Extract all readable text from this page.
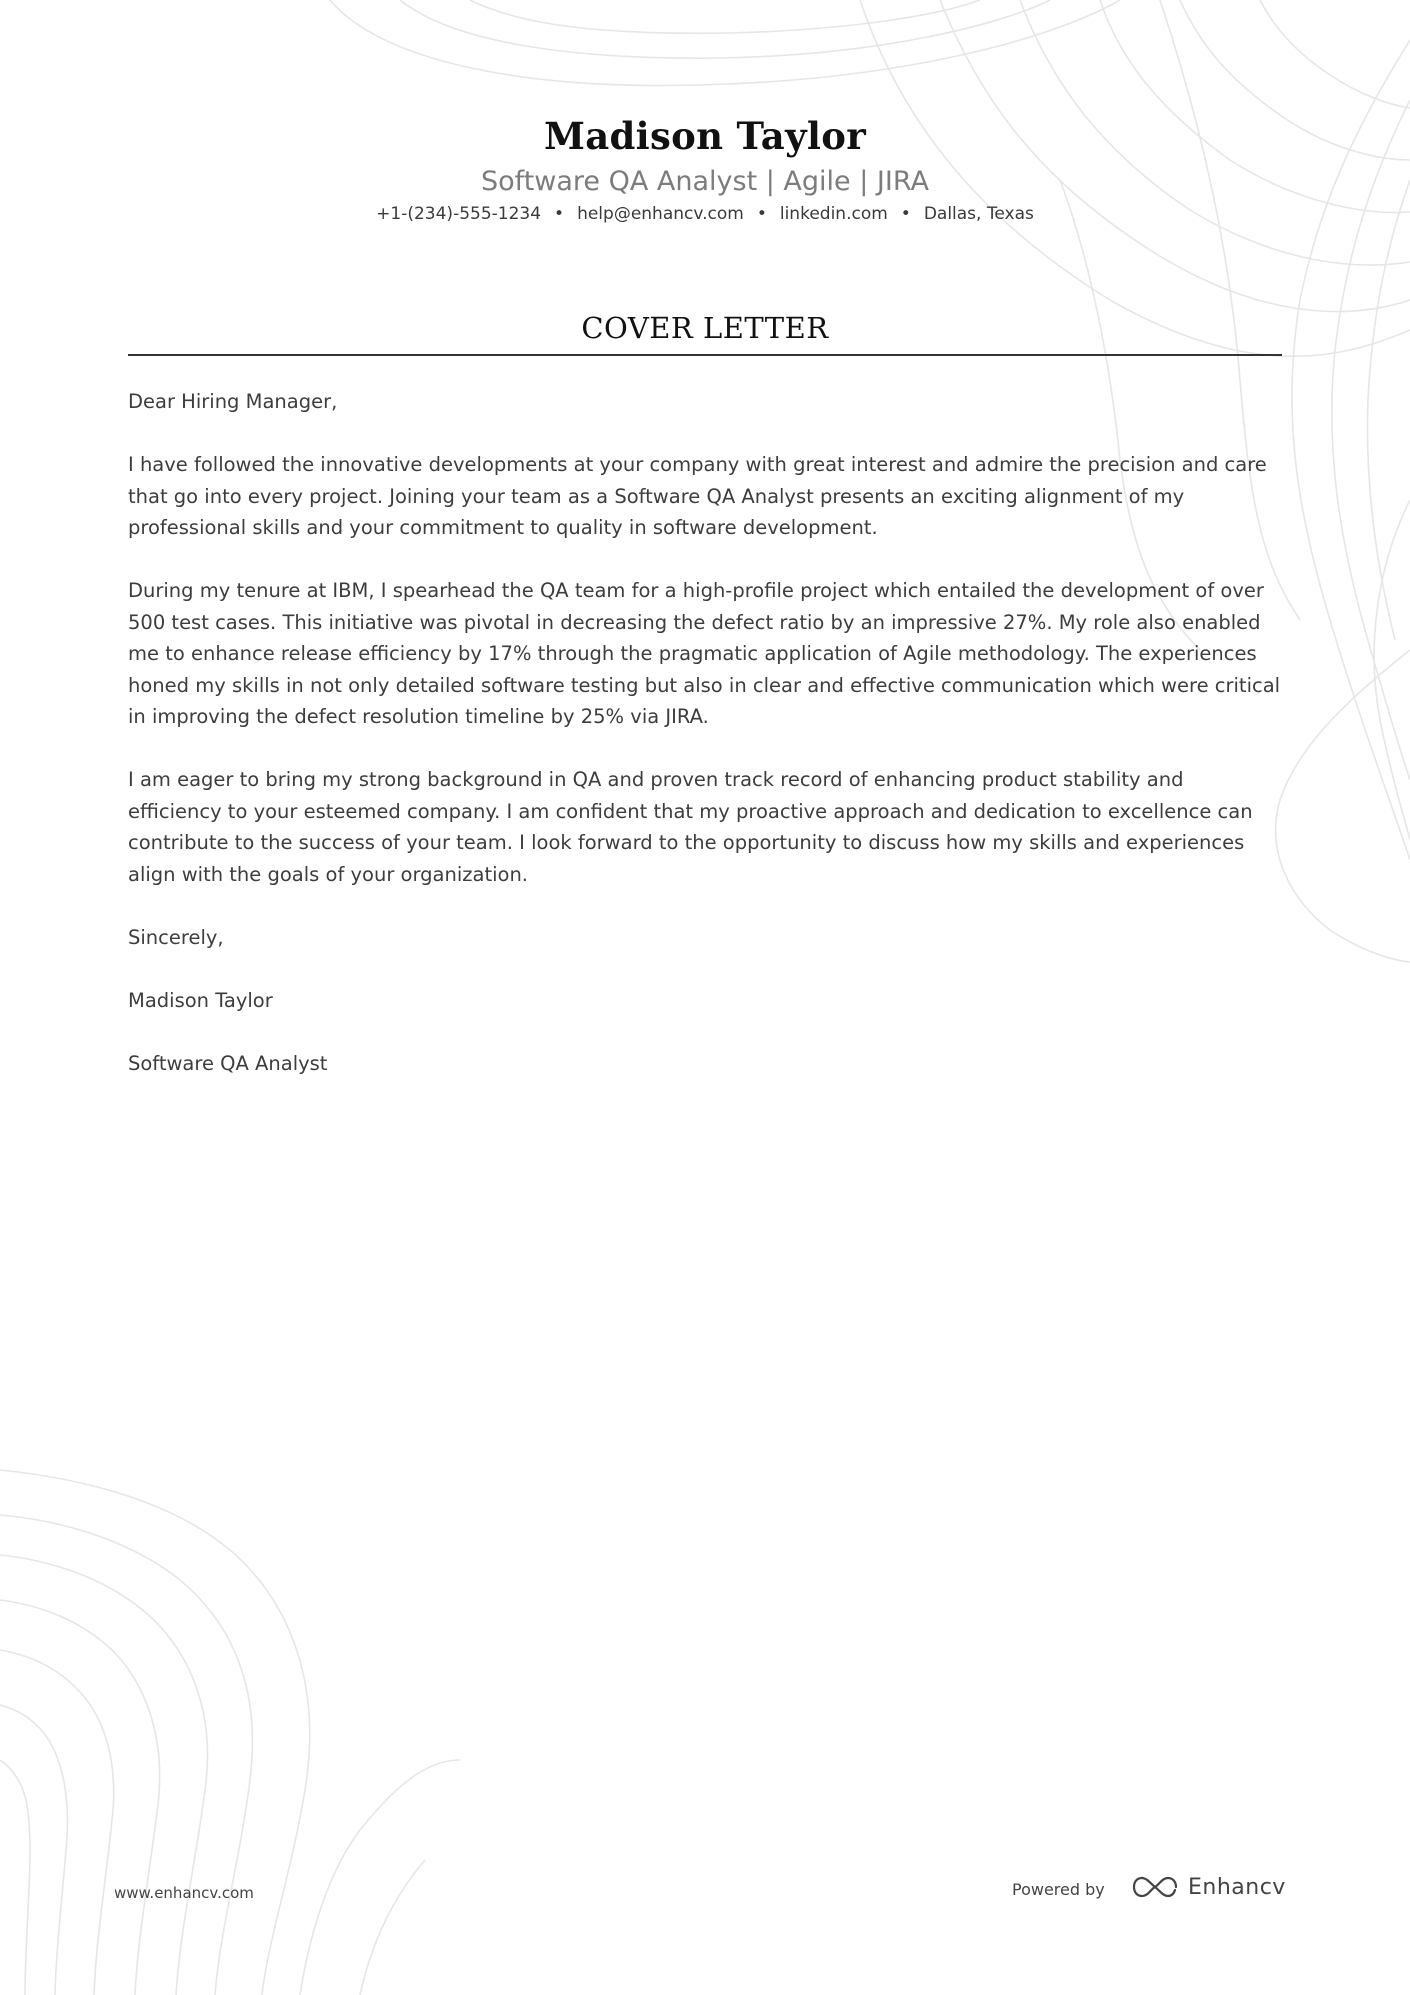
Madison Taylor
Software QA Analyst | Agile | JIRA
+1-(234)-555-1234 • help@enhancv.com • linkedin.com • Dallas, Texas
COVER LETTER

Dear Hiring Manager,

I have followed the innovative developments at your company with great interest and admire the precision and care that go into every project. Joining your team as a Software QA Analyst presents an exciting alignment of my professional skills and your commitment to quality in software development.

During my tenure at IBM, I spearhead the QA team for a high-profile project which entailed the development of over 500 test cases. This initiative was pivotal in decreasing the defect ratio by an impressive 27%. My role also enabled me to enhance release efficiency by 17% through the pragmatic application of Agile methodology. The experiences honed my skills in not only detailed software testing but also in clear and effective communication which were critical in improving the defect resolution timeline by 25% via JIRA.

I am eager to bring my strong background in QA and proven track record of enhancing product stability and efficiency to your esteemed company. I am confident that my proactive approach and dedication to excellence can contribute to the success of your team. I look forward to the opportunity to discuss how my skills and experiences align with the goals of your organization.

Sincerely,

Madison Taylor

Software QA Analyst

www.enhancv.com	Powered by	Enhancv
